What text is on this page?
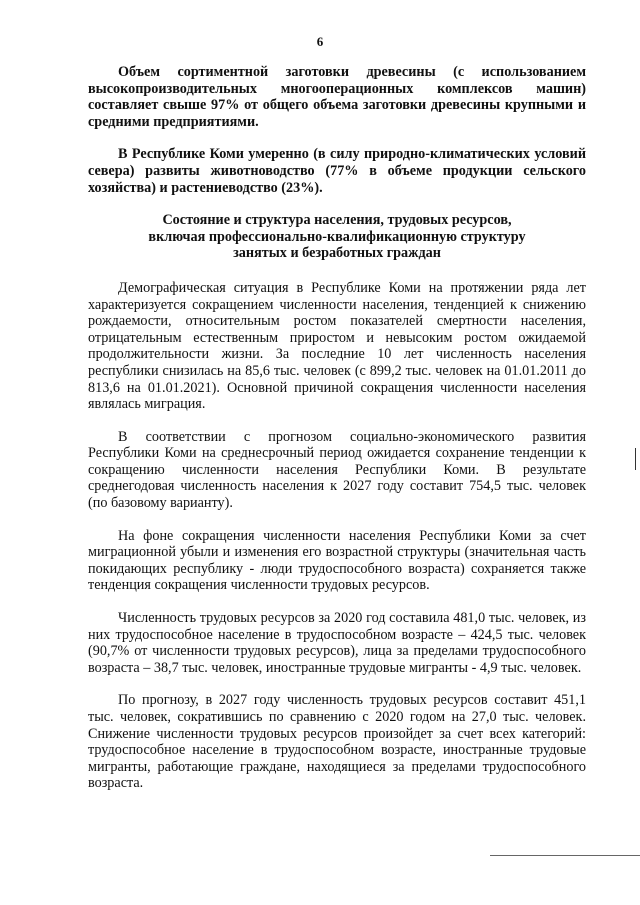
6

Объем сортиментной заготовки древесины (с использованием высокопроизводительных многооперационных комплексов машин) составляет свыше 97% от общего объема заготовки древесины крупными и средними предприятиями.

В Республике Коми умеренно (в силу природно-климатических условий севера) развиты животноводство (77% в объеме продукции сельского хозяйства) и растениеводство (23%).

Состояние и структура населения, трудовых ресурсов,
включая профессионально-квалификационную структуру
занятых и безработных граждан

Демографическая ситуация в Республике Коми на протяжении ряда лет характеризуется сокращением численности населения, тенденцией к снижению рождаемости, относительным ростом показателей смертности населения, отрицательным естественным приростом и невысоким ростом ожидаемой продолжительности жизни. За последние 10 лет численность населения республики снизилась на 85,6 тыс. человек (с 899,2 тыс. человек на 01.01.2011 до 813,6 на 01.01.2021). Основной причиной сокращения численности населения являлась миграция.

В соответствии с прогнозом социально-экономического развития Республики Коми на среднесрочный период ожидается сохранение тенденции к сокращению численности населения Республики Коми. В результате среднегодовая численность населения к 2027 году составит 754,5 тыс. человек (по базовому варианту).

На фоне сокращения численности населения Республики Коми за счет миграционной убыли и изменения его возрастной структуры (значительная часть покидающих республику - люди трудоспособного возраста) сохраняется также тенденция сокращения численности трудовых ресурсов.

Численность трудовых ресурсов за 2020 год составила 481,0 тыс. человек, из них трудоспособное население в трудоспособном возрасте – 424,5 тыс. человек (90,7% от численности трудовых ресурсов), лица за пределами трудоспособного возраста – 38,7 тыс. человек, иностранные трудовые мигранты - 4,9 тыс. человек.

По прогнозу, в 2027 году численность трудовых ресурсов составит 451,1 тыс. человек, сократившись по сравнению с 2020 годом на 27,0 тыс. человек. Снижение численности трудовых ресурсов произойдет за счет всех категорий: трудоспособное население в трудоспособном возрасте, иностранные трудовые мигранты, работающие граждане, находящиеся за пределами трудоспособного возраста.
